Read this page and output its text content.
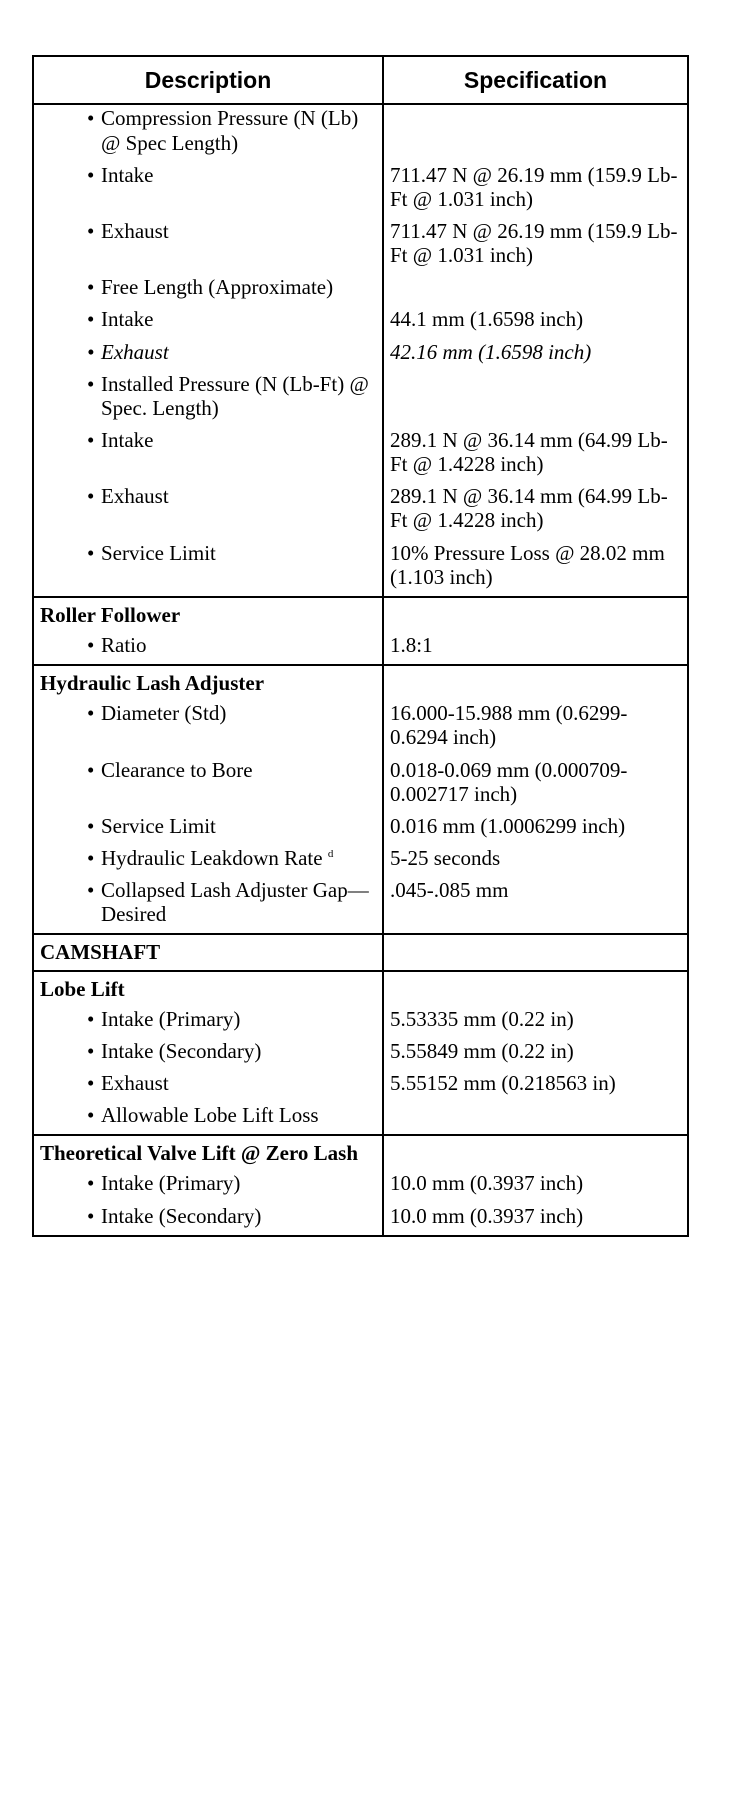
Description	Specification

• Compression Pressure (N (Lb) @ Spec Length)	

• Intake	711.47 N @ 26.19 mm (159.9 Lb-Ft @ 1.031 inch)

• Exhaust	711.47 N @ 26.19 mm (159.9 Lb-Ft @ 1.031 inch)

• Free Length (Approximate)	

• Intake	44.1 mm (1.6598 inch)

• Exhaust	42.16 mm (1.6598 inch)

• Installed Pressure (N (Lb-Ft) @ Spec. Length)	

• Intake	289.1 N @ 36.14 mm (64.99 Lb-Ft @ 1.4228 inch)

• Exhaust	289.1 N @ 36.14 mm (64.99 Lb-Ft @ 1.4228 inch)

• Service Limit	10% Pressure Loss @ 28.02 mm (1.103 inch)
Roller Follower	

• Ratio	1.8:1
Hydraulic Lash Adjuster	

• Diameter (Std)	16.000-15.988 mm (0.6299-0.6294 inch)

• Clearance to Bore	0.018-0.069 mm (0.000709-0.002717 inch)

• Service Limit	0.016 mm (1.0006299 inch)

• Hydraulic Leakdown Rate $^d$	5-25 seconds

• Collapsed Lash Adjuster Gap—Desired	.045-.085 mm
CAMSHAFT	
Lobe Lift	

• Intake (Primary)	5.53335 mm (0.22 in)

• Intake (Secondary)	5.55849 mm (0.22 in)

• Exhaust	5.55152 mm (0.218563 in)

• Allowable Lobe Lift Loss	

Theoretical Valve Lift @ Zero Lash	

• Intake (Primary)	10.0 mm (0.3937 inch)

• Intake (Secondary)	10.0 mm (0.3937 inch)
